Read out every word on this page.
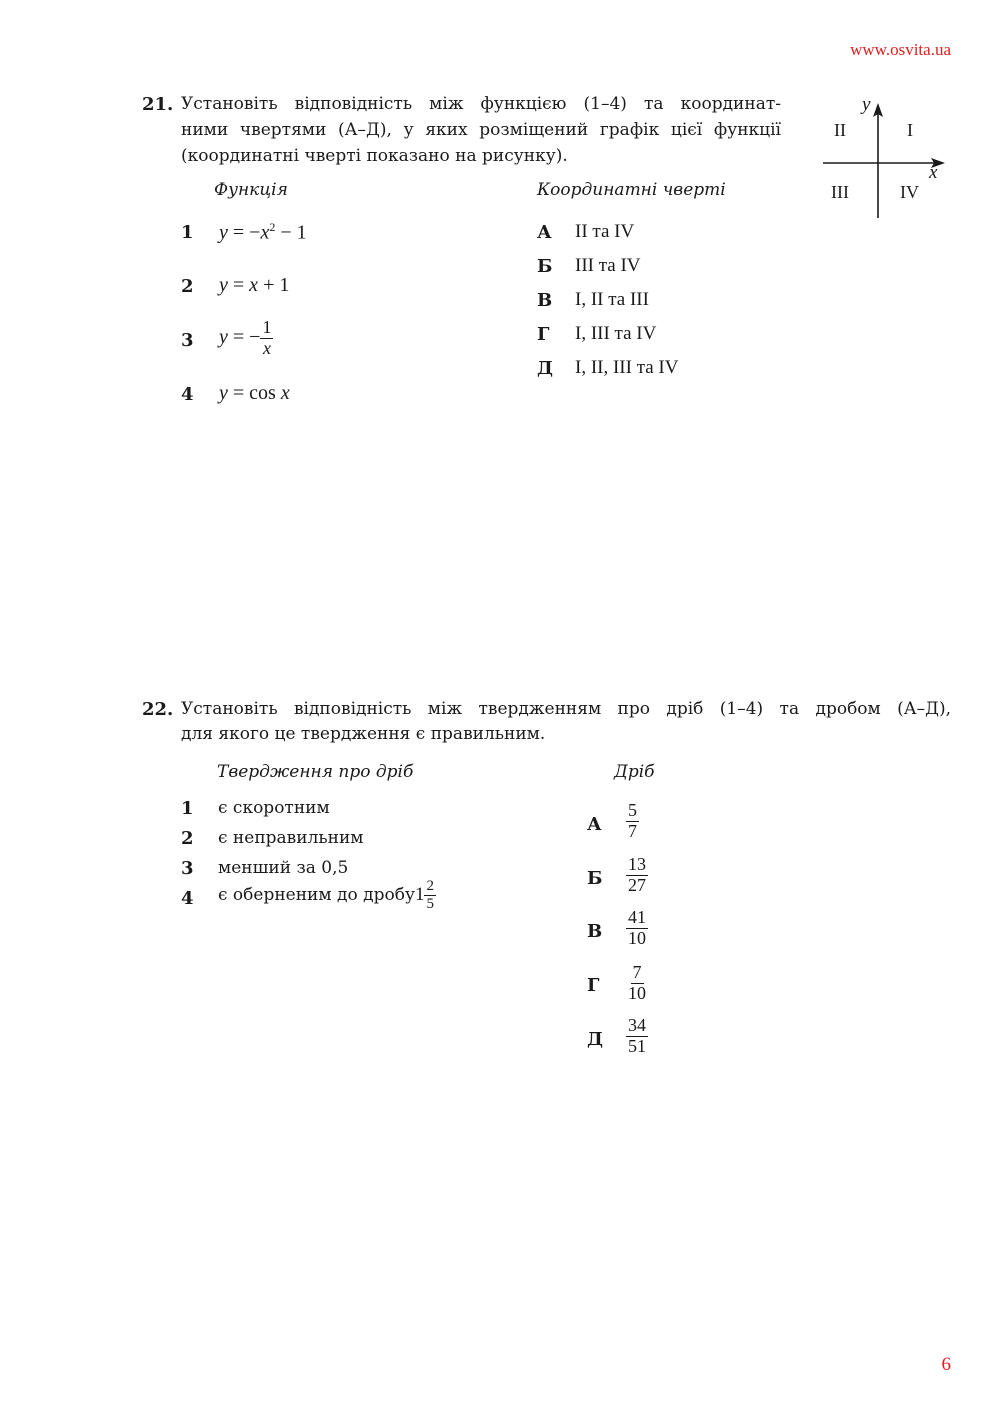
www.osvita.ua
21. Установіть відповідність між функцією (1–4) та координат-
ними чвертями (А–Д), у яких розміщений графік цієї функції
(координатні чверті показано на рисунку).
Функція	Координатні чверті
1 $y = -x^2 - 1$
2 y = x + 1
3 y = − $\frac{1}{x}$
4 y = cos x
А II та IV
Б III та IV
В I, II та III
Г I, III та IV
Д I, II, III та IV
y
x
II	I
III	IV
22. Установіть відповідність між твердженням про дріб (1–4) та дробом (А–Д),
для якого це твердження є правильним.
Твердження про дріб	Дріб
1 є скоротним
2 є неправильним
3 менший за 0,5
4 є оберненим до дробу $1 \frac{2}{5}$
А $\frac{5}{7}$
Б $\frac{13}{27}$
В $\frac{41}{10}$
Г $\frac{7}{10}$
Д $\frac{34}{51}$
6
